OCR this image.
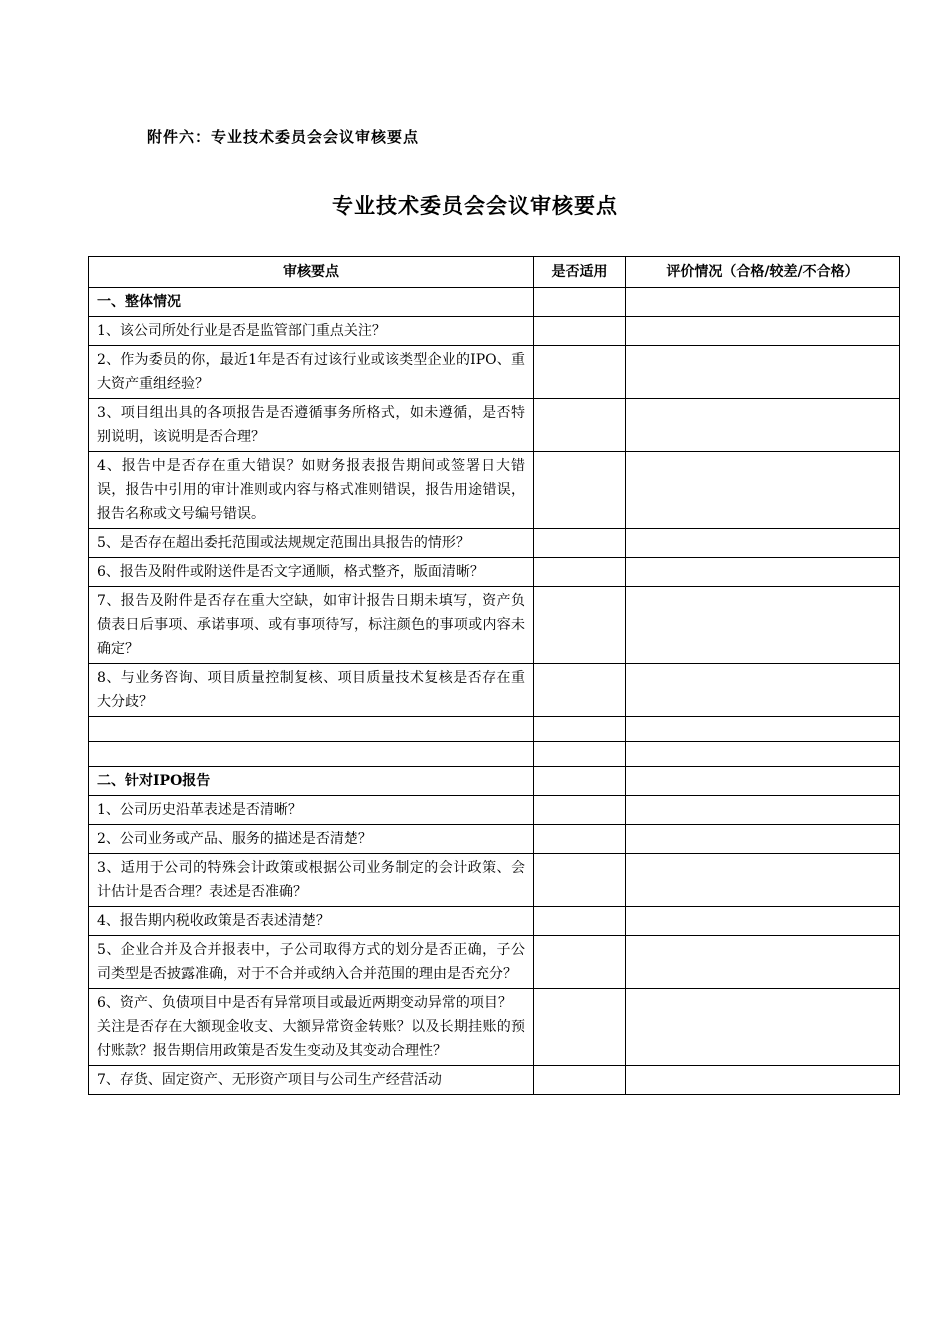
附件六：专业技术委员会会议审核要点
专业技术委员会会议审核要点
审核要点	是否适用	评价情况（合格/较差/不合格）
一、整体情况		
1、该公司所处行业是否是监管部门重点关注？		
2、作为委员的你，最近1年是否有过该行业或该类型企业的IPO、重大资产重组经验？		
3、项目组出具的各项报告是否遵循事务所格式，如未遵循，是否特别说明，该说明是否合理？		
4、报告中是否存在重大错误？如财务报表报告期间或签署日大错误，报告中引用的审计准则或内容与格式准则错误，报告用途错误，报告名称或文号编号错误。		
5、是否存在超出委托范围或法规规定范围出具报告的情形？		
6、报告及附件或附送件是否文字通顺，格式整齐，版面清晰？		
7、报告及附件是否存在重大空缺，如审计报告日期未填写，资产负债表日后事项、承诺事项、或有事项待写，标注颜色的事项或内容未确定？		
8、与业务咨询、项目质量控制复核、项目质量技术复核是否存在重大分歧？		

二、针对IPO报告		
1、公司历史沿革表述是否清晰？		
2、公司业务或产品、服务的描述是否清楚？		
3、适用于公司的特殊会计政策或根据公司业务制定的会计政策、会计估计是否合理？表述是否准确？		
4、报告期内税收政策是否表述清楚？		
5、企业合并及合并报表中，子公司取得方式的划分是否正确，子公司类型是否披露准确，对于不合并或纳入合并范围的理由是否充分？		

6、资产、负债项目中是否有异常项目或最近两期变动异常的项目？
关注是否存在大额现金收支、大额异常资金转账？以及长期挂账的预付账款？报告期信用政策是否发生变动及其变动合理性？		

7、存货、固定资产、无形资产项目与公司生产经营活动		
